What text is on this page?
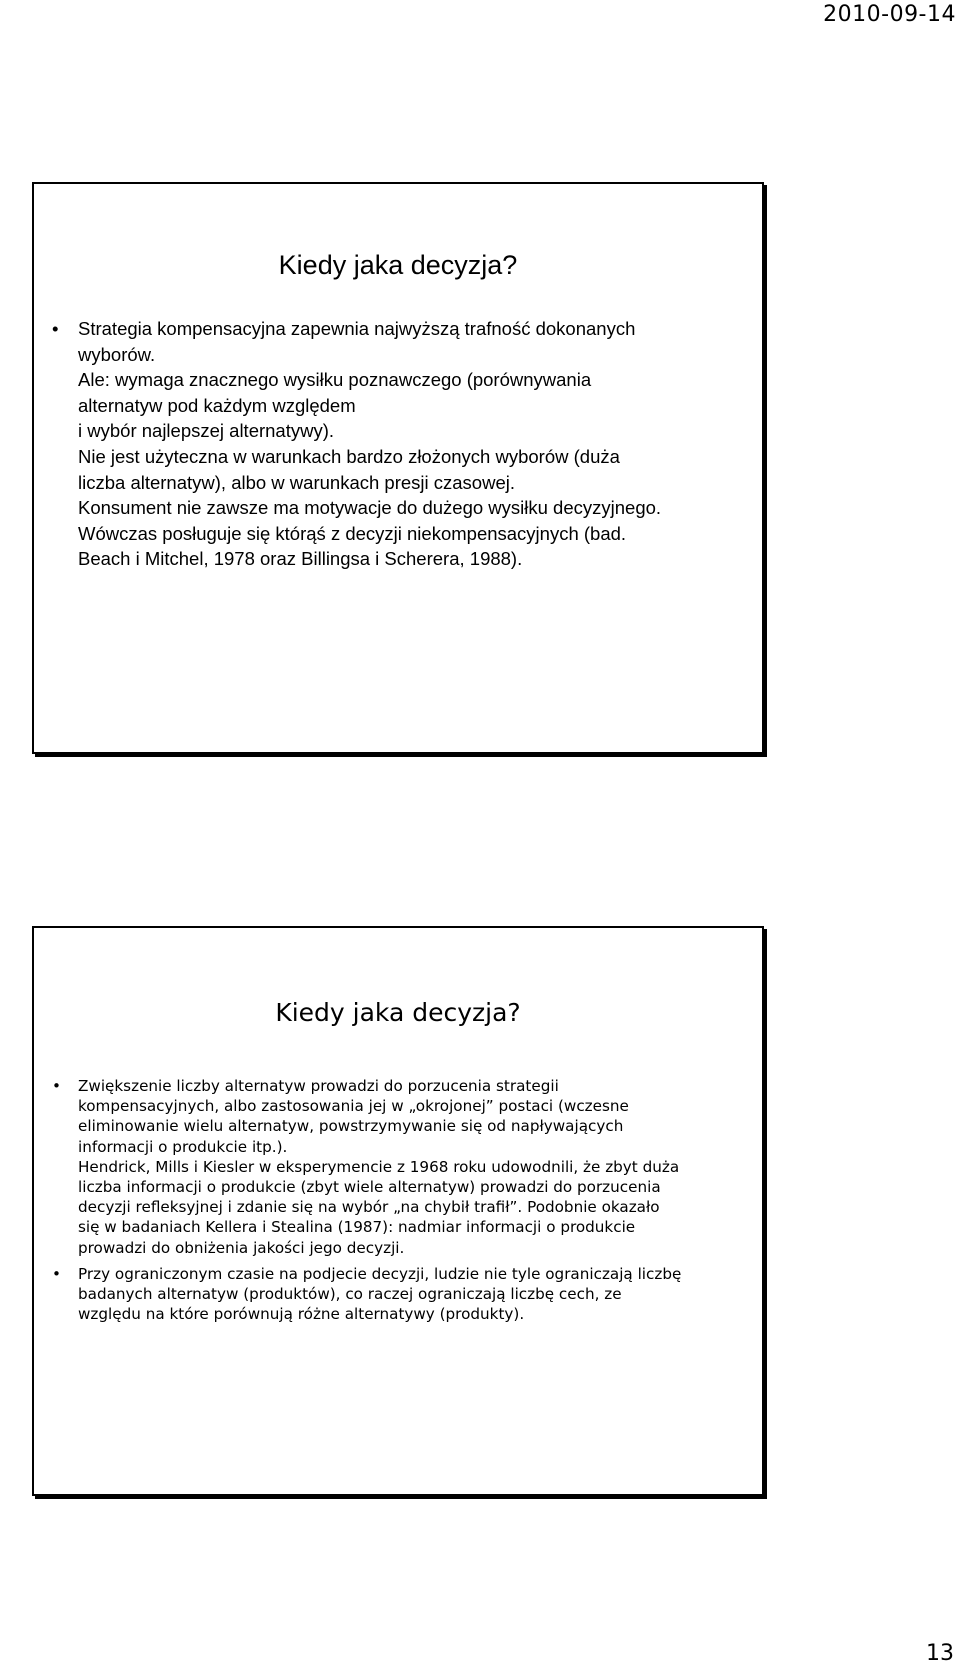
2010-09-14
Kiedy jaka decyzja?
• Strategia kompensacyjna zapewnia najwyższą trafność dokonanych
wyborów.
Ale: wymaga znacznego wysiłku poznawczego (porównywania
alternatyw pod każdym względem
i wybór najlepszej alternatywy).
Nie jest użyteczna w warunkach bardzo złożonych wyborów (duża
liczba alternatyw), albo w warunkach presji czasowej.
Konsument nie zawsze ma motywacje do dużego wysiłku decyzyjnego.
Wówczas posługuje się którąś z decyzji niekompensacyjnych (bad.
Beach i Mitchel, 1978 oraz Billingsa i Scherera, 1988).
Kiedy jaka decyzja?
• Zwiększenie liczby alternatyw prowadzi do porzucenia strategii
kompensacyjnych, albo zastosowania jej w „okrojonej” postaci (wczesne
eliminowanie wielu alternatyw, powstrzymywanie się od napływających
informacji o produkcie itp.).
Hendrick, Mills i Kiesler w eksperymencie z 1968 roku udowodnili, że zbyt duża
liczba informacji o produkcie (zbyt wiele alternatyw) prowadzi do porzucenia
decyzji refleksyjnej i zdanie się na wybór „na chybił trafił”. Podobnie okazało
się w badaniach Kellera i Stealina (1987): nadmiar informacji o produkcie
prowadzi do obniżenia jakości jego decyzji.
• Przy ograniczonym czasie na podjecie decyzji, ludzie nie tyle ograniczają liczbę
badanych alternatyw (produktów), co raczej ograniczają liczbę cech, ze
względu na które porównują różne alternatywy (produkty).
13
